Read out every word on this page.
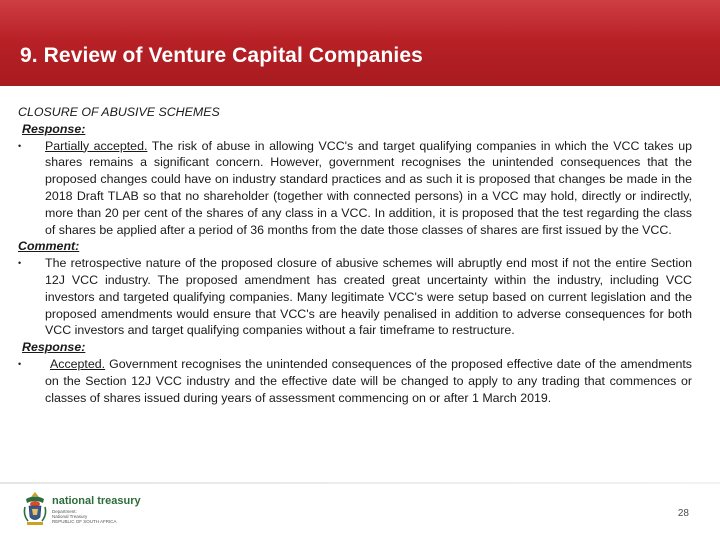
9. Review of Venture Capital Companies
CLOSURE OF ABUSIVE SCHEMES
Response:
• Partially accepted. The risk of abuse in allowing VCC's and target qualifying companies in which the VCC takes up shares remains a significant concern. However, government recognises the unintended consequences that the proposed changes could have on industry standard practices and as such it is proposed that changes be made in the 2018 Draft TLAB so that no shareholder (together with connected persons) in a VCC may hold, directly or indirectly, more than 20 per cent of the shares of any class in a VCC. In addition, it is proposed that the test regarding the class of shares be applied after a period of 36 months from the date those classes of shares are first issued by the VCC.
Comment:
• The retrospective nature of the proposed closure of abusive schemes will abruptly end most if not the entire Section 12J VCC industry. The proposed amendment has created great uncertainty within the industry, including VCC investors and targeted qualifying companies. Many legitimate VCC's were setup based on current legislation and the proposed amendments would ensure that VCC's are heavily penalised in addition to adverse consequences for both VCC investors and target qualifying companies without a fair timeframe to restructure.
Response:
• Accepted. Government recognises the unintended consequences of the proposed effective date of the amendments on the Section 12J VCC industry and the effective date will be changed to apply to any trading that commences or classes of shares issued during years of assessment commencing on or after 1 March 2019.
national treasury
Department:
National Treasury
REPUBLIC OF SOUTH AFRICA
28
